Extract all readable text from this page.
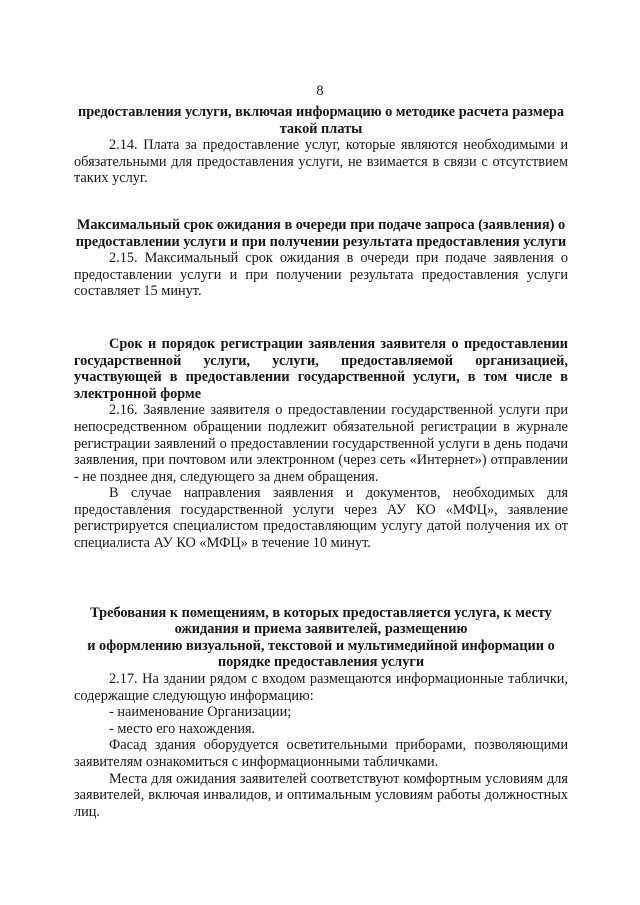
8
предоставления услуги, включая информацию о методике расчета размера такой платы

2.14. Плата за предоставление услуг, которые являются необходимыми и обязательными для предоставления услуги, не взимается в связи с отсутствием таких услуг.

Максимальный срок ожидания в очереди при подаче запроса (заявления) о предоставлении услуги и при получении результата предоставления услуги

2.15. Максимальный срок ожидания в очереди при подаче заявления о предоставлении услуги и при получении результата предоставления услуги составляет 15 минут.

Срок и порядок регистрации заявления заявителя о предоставлении государственной услуги, услуги, предоставляемой организацией, участвующей в предоставлении государственной услуги, в том числе в электронной форме

2.16. Заявление заявителя о предоставлении государственной услуги при непосредственном обращении подлежит обязательной регистрации в журнале регистрации заявлений о предоставлении государственной услуги в день подачи заявления, при почтовом или электронном (через сеть «Интернет») отправлении - не позднее дня, следующего за днем обращения.

В случае направления заявления и документов, необходимых для предоставления государственной услуги через АУ КО «МФЦ», заявление регистрируется специалистом предоставляющим услугу датой получения их от специалиста АУ КО «МФЦ» в течение 10 минут.

Требования к помещениям, в которых предоставляется услуга, к месту ожидания и приема заявителей, размещению
и оформлению визуальной, текстовой и мультимедийной информации о порядке предоставления услуги

2.17. На здании рядом с входом размещаются информационные таблички, содержащие следующую информацию:

- наименование Организации;

- место его нахождения.

Фасад здания оборудуется осветительными приборами, позволяющими заявителям ознакомиться с информационными табличками.

Места для ожидания заявителей соответствуют комфортным условиям для заявителей, включая инвалидов, и оптимальным условиям работы должностных лиц.
